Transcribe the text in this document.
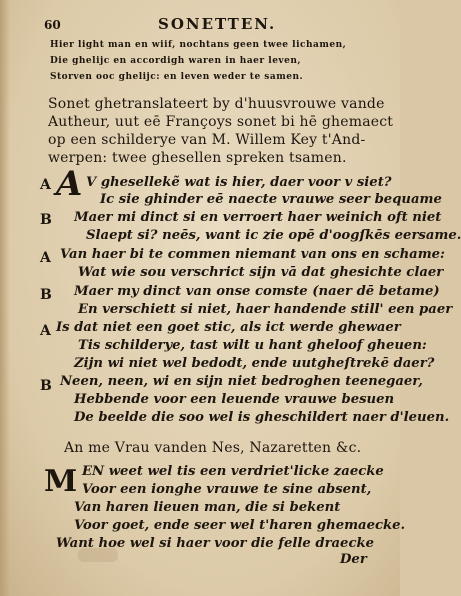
60	SONETTEN.
Hier light man en wiif, nochtans geen twee lichamen,
Die ghelijc en accordigh waren in haer leven,
Storven ooc ghelijc: en leven weder te samen.
Sonet ghetranslateert by d'huusvrouwe vande
Autheur, uut eē Françoys sonet bi hē ghemaect
op een schilderye van M. Willem Key t'And-
werpen: twee ghesellen spreken tsamen.
A A V ghesellekẽ wat is hier, daer voor v siet?
Ic sie ghinder eē naecte vrauwe seer bequame
B Maer mi dinct si en verroert haer weinich oft niet
Slaept si? neēs, want ic zie opē d'oogſkēs eersame.
A Van haer bi te commen niemant van ons en schame:
Wat wie sou verschrict sijn vā dat ghesichte claer
B Maer my dinct van onse comste (naer dē betame)
En verschiett si niet, haer handende still' een paer
A Is dat niet een goet stic, als ict werde ghewaer
Tis schilderye, tast wilt u hant gheloof gheuen:
Zijn wi niet wel bedodt, ende uutgheſtrekē daer?
B Neen, neen, wi en sijn niet bedroghen teenegaer,
Hebbende voor een leuende vrauwe besuen
De beelde die soo wel is gheschildert naer d'leuen.
An me Vrau vanden Nes, Nazaretten &c.
M EN weet wel tis een verdriet'licke zaecke
Voor een ionghe vrauwe te sine absent,
Van haren lieuen man, die si bekent
Voor goet, ende seer wel t'haren ghemaecke.
Want hoe wel si haer voor die felle draecke
Der
